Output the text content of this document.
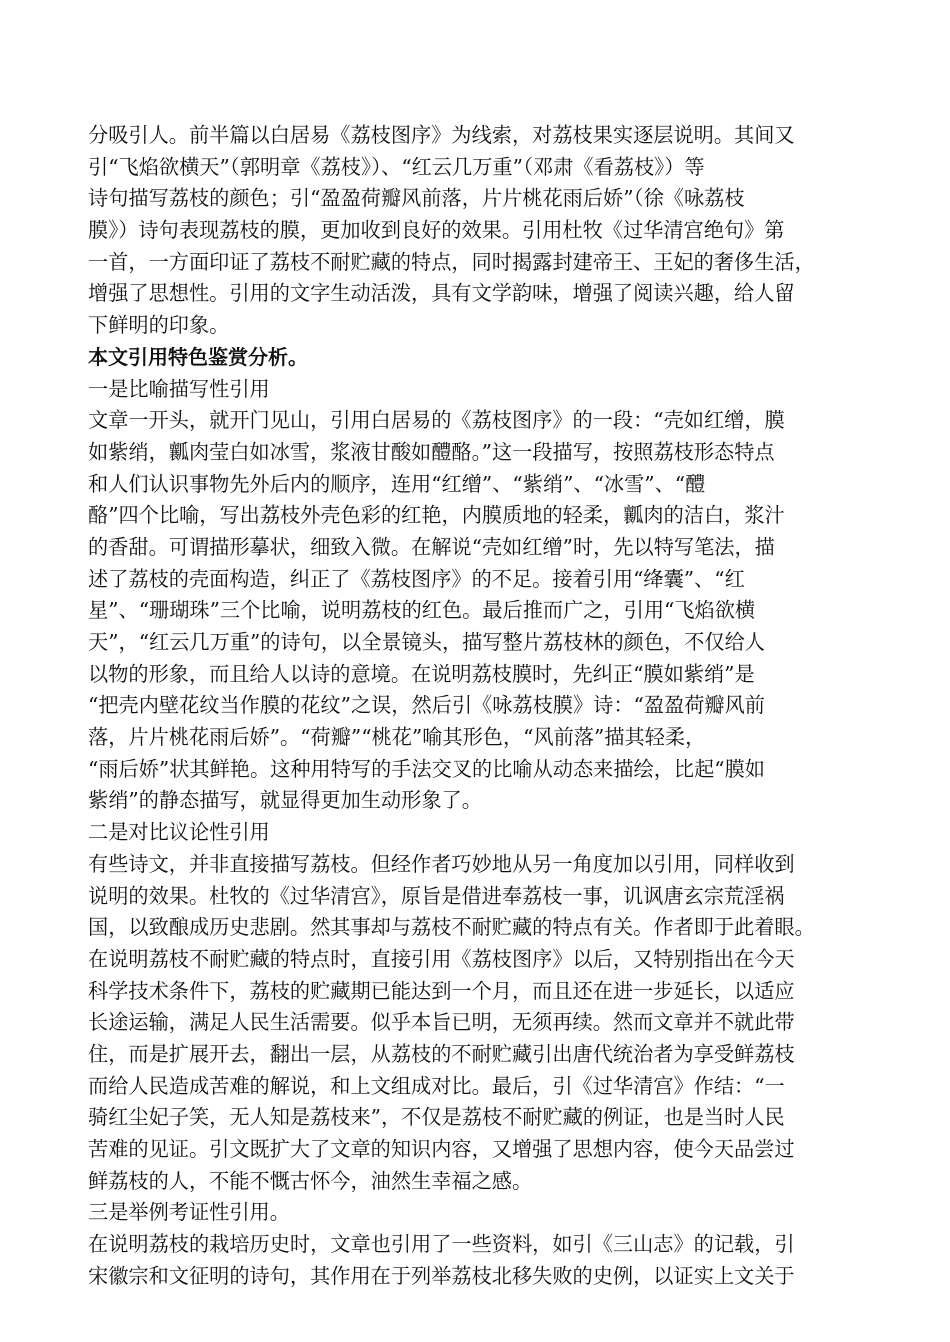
分吸引人。前半篇以白居易《荔枝图序》为线索，对荔枝果实逐层说明。其间又
引“飞焰欲横天”（郭明章《荔枝》）、“红云几万重”（邓肃《看荔枝》）等
诗句描写荔枝的颜色；引“盈盈荷瓣风前落，片片桃花雨后娇”（徐《咏荔枝
膜》）诗句表现荔枝的膜，更加收到良好的效果。引用杜牧《过华清宫绝句》第
一首，一方面印证了荔枝不耐贮藏的特点，同时揭露封建帝王、王妃的奢侈生活，
增强了思想性。引用的文字生动活泼，具有文学韵味，增强了阅读兴趣，给人留
下鲜明的印象。
本文引用特色鉴赏分析。
一是比喻描写性引用
文章一开头，就开门见山，引用白居易的《荔枝图序》的一段：“壳如红缯，膜
如紫绡，瓤肉莹白如冰雪，浆液甘酸如醴酪。”这一段描写，按照荔枝形态特点
和人们认识事物先外后内的顺序，连用“红缯”、“紫绡”、“冰雪”、“醴
酪”四个比喻，写出荔枝外壳色彩的红艳，内膜质地的轻柔，瓤肉的洁白，浆汁
的香甜。可谓描形摹状，细致入微。在解说“壳如红缯”时，先以特写笔法，描
述了荔枝的壳面构造，纠正了《荔枝图序》的不足。接着引用“绛囊”、“红
星”、“珊瑚珠”三个比喻，说明荔枝的红色。最后推而广之，引用“飞焰欲横
天”，“红云几万重”的诗句，以全景镜头，描写整片荔枝林的颜色，不仅给人
以物的形象，而且给人以诗的意境。在说明荔枝膜时，先纠正“膜如紫绡”是
“把壳内壁花纹当作膜的花纹”之误，然后引《咏荔枝膜》诗：“盈盈荷瓣风前
落，片片桃花雨后娇”。“荷瓣”“桃花”喻其形色，“风前落”描其轻柔，
“雨后娇”状其鲜艳。这种用特写的手法交叉的比喻从动态来描绘，比起“膜如
紫绡”的静态描写，就显得更加生动形象了。
二是对比议论性引用
有些诗文，并非直接描写荔枝。但经作者巧妙地从另一角度加以引用，同样收到
说明的效果。杜牧的《过华清宫》，原旨是借进奉荔枝一事，讥讽唐玄宗荒淫祸
国，以致酿成历史悲剧。然其事却与荔枝不耐贮藏的特点有关。作者即于此着眼。
在说明荔枝不耐贮藏的特点时，直接引用《荔枝图序》以后，又特别指出在今天
科学技术条件下，荔枝的贮藏期已能达到一个月，而且还在进一步延长，以适应
长途运输，满足人民生活需要。似乎本旨已明，无须再续。然而文章并不就此带
住，而是扩展开去，翻出一层，从荔枝的不耐贮藏引出唐代统治者为享受鲜荔枝
而给人民造成苦难的解说，和上文组成对比。最后，引《过华清宫》作结：“一
骑红尘妃子笑，无人知是荔枝来”，不仅是荔枝不耐贮藏的例证，也是当时人民
苦难的见证。引文既扩大了文章的知识内容，又增强了思想内容，使今天品尝过
鲜荔枝的人，不能不慨古怀今，油然生幸福之感。
三是举例考证性引用。
在说明荔枝的栽培历史时，文章也引用了一些资料，如引《三山志》的记载，引
宋徽宗和文征明的诗句，其作用在于列举荔枝北移失败的史例，以证实上文关于
